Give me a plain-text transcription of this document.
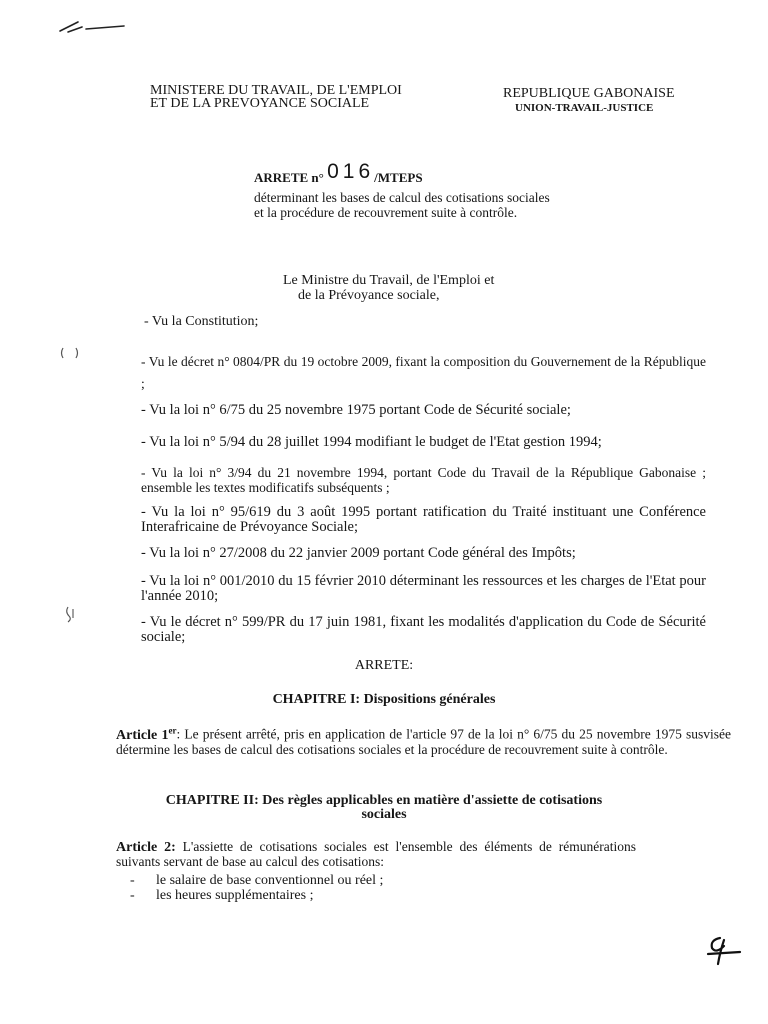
MINISTERE DU TRAVAIL, DE L'EMPLOI
ET DE LA PREVOYANCE SOCIALE
REPUBLIQUE GABONAISE
UNION-TRAVAIL-JUSTICE
ARRETE n° 016/MTEPS
déterminant les bases de calcul des cotisations sociales
et la procédure de recouvrement suite à contrôle.
Le Ministre du Travail, de l'Emploi et
de la Prévoyance sociale,
- Vu la Constitution;
- Vu le décret n° 0804/PR du 19 octobre 2009, fixant la composition du Gouvernement de la République ;
- Vu la loi n° 6/75 du 25 novembre 1975 portant Code de Sécurité sociale;
- Vu la loi n° 5/94 du 28 juillet 1994 modifiant le budget de l'Etat gestion 1994;
- Vu la loi n° 3/94 du 21 novembre 1994, portant Code du Travail de la République Gabonaise ; ensemble les textes modificatifs subséquents ;
- Vu la loi n° 95/619 du 3 août 1995 portant ratification du Traité instituant une Conférence Interafricaine de Prévoyance Sociale;
- Vu la loi n° 27/2008 du 22 janvier 2009 portant Code général des Impôts;
- Vu la loi n° 001/2010 du 15 février 2010 déterminant les ressources et les charges de l'Etat pour l'année 2010;
- Vu le décret n° 599/PR du 17 juin 1981, fixant les modalités d'application du Code de Sécurité sociale;
ARRETE:
CHAPITRE I: Dispositions générales
Article 1er: Le présent arrêté, pris en application de l'article 97 de la loi n° 6/75 du 25 novembre 1975 susvisée détermine les bases de calcul des cotisations sociales et la procédure de recouvrement suite à contrôle.
CHAPITRE II: Des règles applicables en matière d'assiette de cotisations
sociales
Article 2: L'assiette de cotisations sociales est l'ensemble des éléments de rémunérations suivants servant de base au calcul des cotisations:
- le salaire de base conventionnel ou réel ;
- les heures supplémentaires ;
